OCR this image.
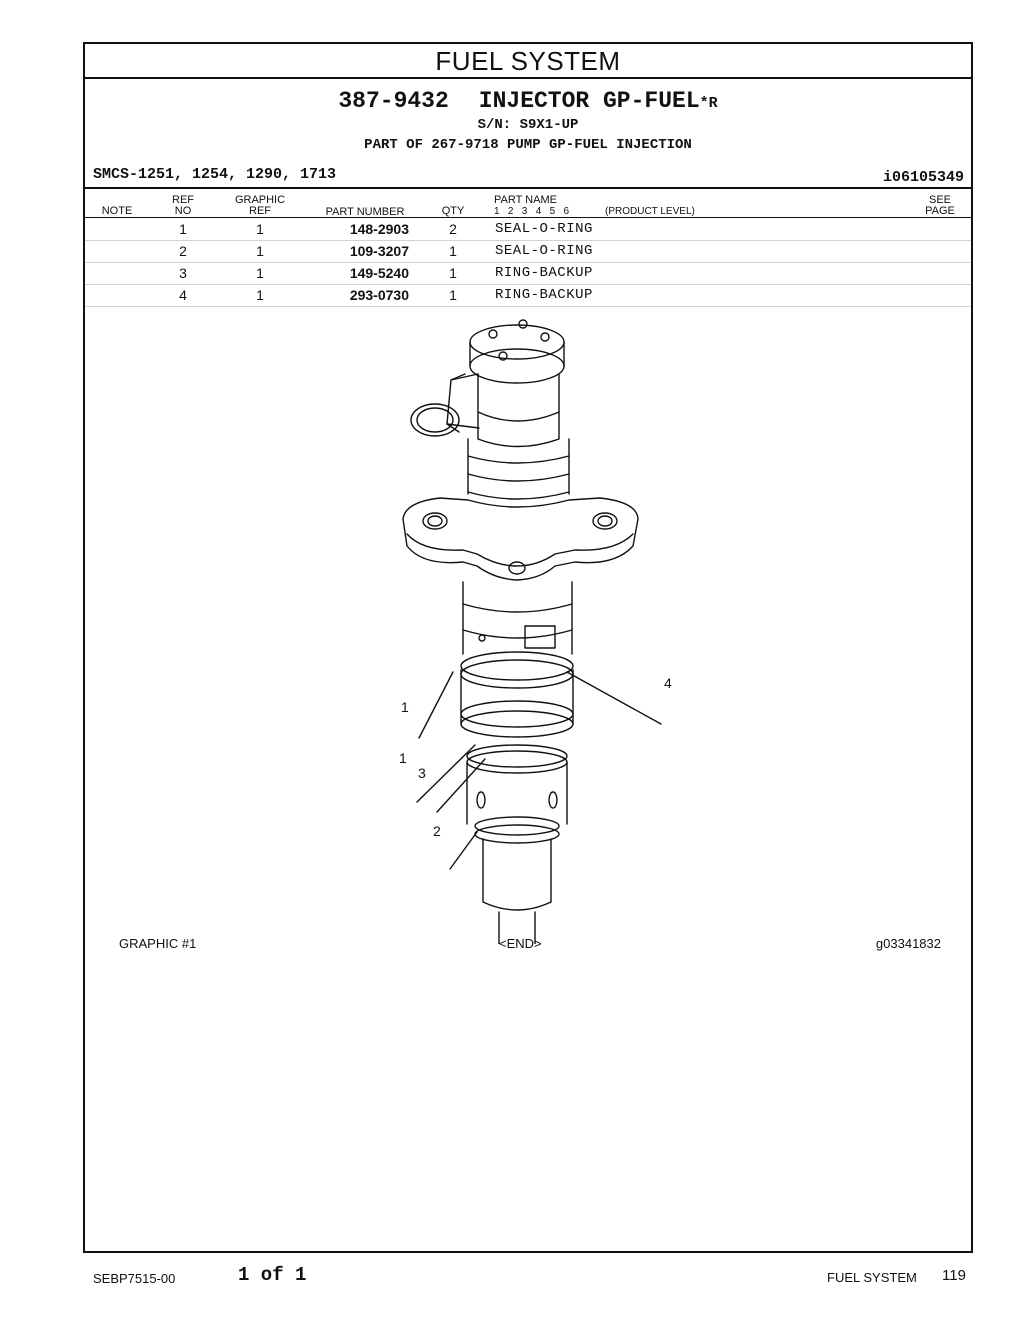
FUEL SYSTEM
387-9432 INJECTOR GP-FUEL*R
S/N: S9X1-UP
PART OF 267-9718 PUMP GP-FUEL INJECTION
SMCS-1251, 1254, 1290, 1713	i06105349
NOTE
REF
NO
GRAPHIC
REF	PART NUMBER	QTY
PART NAME
1   2   3   4   5   6	(PRODUCT LEVEL)
SEE
PAGE
1	1	148-2903	2	SEAL-O-RING
2	1	109-3207	1	SEAL-O-RING
3	1	149-5240	1	RING-BACKUP
4	1	293-0730	1	RING-BACKUP
1
1
3
2
4
GRAPHIC #1	<END>	g03341832
SEBP7515-00	1 of 1	FUEL SYSTEM 119
